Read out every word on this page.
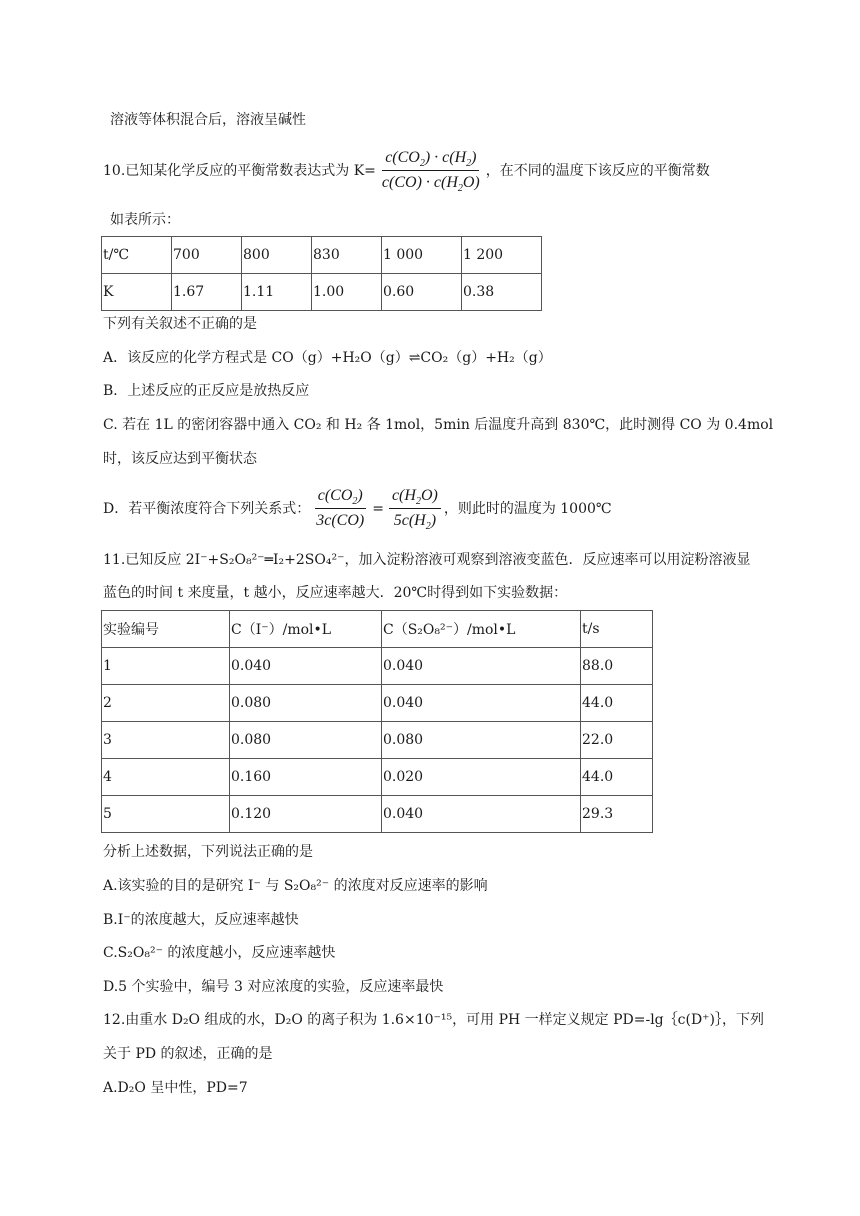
溶液等体积混合后，溶液呈碱性
10.已知某化学反应的平衡常数表达式为 $K= \frac{c(CO_2) \cdot c(H_2)}{c(CO) \cdot c(H_2O)}$ ，在不同的温度下该反应的平衡常数
如表所示：
t/℃	700	800	830	1 000	1 200
K	1.67	1.11	1.00	0.60	0.38
下列有关叙述不正确的是
A．该反应的化学方程式是 CO（g）+H₂O（g）⇌CO₂（g）+H₂（g）
B．上述反应的正反应是放热反应
C. 若在 1L 的密闭容器中通入 CO₂ 和 H₂ 各 1mol，5min 后温度升高到 830℃，此时测得 CO 为 0.4mol
时，该反应达到平衡状态
D．若平衡浓度符合下列关系式： $\frac{c(CO_2)}{3c(CO)} = \frac{c(H_2O)}{5c(H_2)}$ ，则此时的温度为 1000℃
11.已知反应 2I⁻+S₂O₈²⁻═I₂+2SO₄²⁻，加入淀粉溶液可观察到溶液变蓝色．反应速率可以用淀粉溶液显
蓝色的时间 t 来度量，t 越小，反应速率越大．20℃时得到如下实验数据：
实验编号	C（I⁻）/mol•L	C（S₂O₈²⁻）/mol•L	t/s
1	0.040	0.040	88.0
2	0.080	0.040	44.0
3	0.080	0.080	22.0
4	0.160	0.020	44.0
5	0.120	0.040	29.3
分析上述数据，下列说法正确的是
A.该实验的目的是研究 I⁻ 与 S₂O₈²⁻ 的浓度对反应速率的影响
B.I⁻的浓度越大，反应速率越快
C.S₂O₈²⁻ 的浓度越小，反应速率越快
D.5 个实验中，编号 3 对应浓度的实验，反应速率最快
12.由重水 D₂O 组成的水，D₂O 的离子积为 1.6×10⁻¹⁵，可用 PH 一样定义规定 PD=-lg｛c(D⁺)｝，下列
关于 PD 的叙述，正确的是
A.D₂O 呈中性，PD=7
